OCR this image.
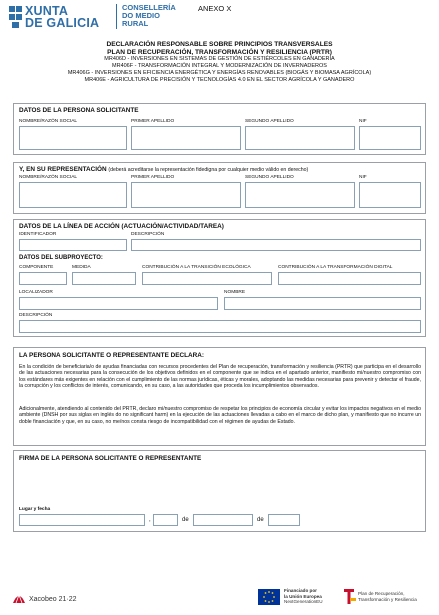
XUNTA
DE GALICIA
CONSELLERÍA
DO MEDIO
RURAL
ANEXO X
DECLARACIÓN RESPONSABLE SOBRE PRINCIPIOS TRANSVERSALES
PLAN DE RECUPERACIÓN, TRANSFORMACIÓN Y RESILIENCIA (PRTR)
MR406D - INVERSIONES EN SISTEMAS DE GESTIÓN DE ESTIÉRCOLES EN GANADERÍA
MR406F - TRANSFORMACIÓN INTEGRAL Y MODERNIZACIÓN DE INVERNADEROS
MR406G - INVERSIONES EN EFICIENCIA ENERGÉTICA Y ENERGÍAS RENOVABLES (BIOGÁS Y BIOMASA AGRÍCOLA)
MR406E - AGRICULTURA DE PRECISIÓN Y TECNOLOGÍAS 4.0 EN EL SECTOR AGRÍCOLA Y GANADERO
DATOS DE LA PERSONA SOLICITANTE
NOMBRE/RAZÓN SOCIAL	PRIMER APELLIDO	SEGUNDO APELLIDO	NIF
Y, EN SU REPRESENTACIÓN (deberá acreditarse la representación fidedigna por cualquier medio válido en derecho)
NOMBRE/RAZÓN SOCIAL	PRIMER APELLIDO	SEGUNDO APELLIDO	NIF
DATOS DE LA LÍNEA DE ACCIÓN (ACTUACIÓN/ACTIVIDAD/TAREA)
IDENTIFICADOR	DESCRIPCIÓN
DATOS DEL SUBPROYECTO:
COMPONENTE	MEDIDA	CONTRIBUCIÓN A LA TRANSICIÓN ECOLÓGICA	CONTRIBUCIÓN A LA TRANSFORMACIÓN DIGITAL
LOCALIZADOR	NOMBRE
DESCRIPCIÓN
LA PERSONA SOLICITANTE O REPRESENTANTE DECLARA:
En la condición de beneficiaria/o de ayudas financiadas con recursos procedentes del Plan de recuperación, transformación y resiliencia (PRTR) que participa en el desarrollo de las actuaciones necesarias para la consecución de los objetivos definidos en el componente que se indica en el apartado anterior, manifiesto mi/nuestro compromiso con los estándares más exigentes en relación con el cumplimiento de las normas jurídicas, éticas y morales, adoptando las medidas necesarias para prevenir y detectar el fraude, la corrupción y los conflictos de interés, comunicando, en su caso, a las autoridades que proceda los incumplimientos observados.
Adicionalmente, atendiendo al contenido del PRTR, declaro mi/nuestro compromiso de respetar los principios de economía circular y evitar los impactos negativos en el medio ambiente (DNSH por sus siglas en inglés do no significant harm) en la ejecución de las actuaciones llevadas a cabo en el marco de dicho plan, y manifiesto que no incurre un doble financiación y que, en su caso, no me/nos consta riesgo de incompatibilidad con el régimen de ayudas de Estado.
FIRMA DE LA PERSONA SOLICITANTE O REPRESENTANTE
Lugar y fecha
,	de	de
Xacobeo 21·22
Financiado por
la Unión Europea
NextGenerationEU
Plan de Recuperación,
Transformación y Resiliencia
